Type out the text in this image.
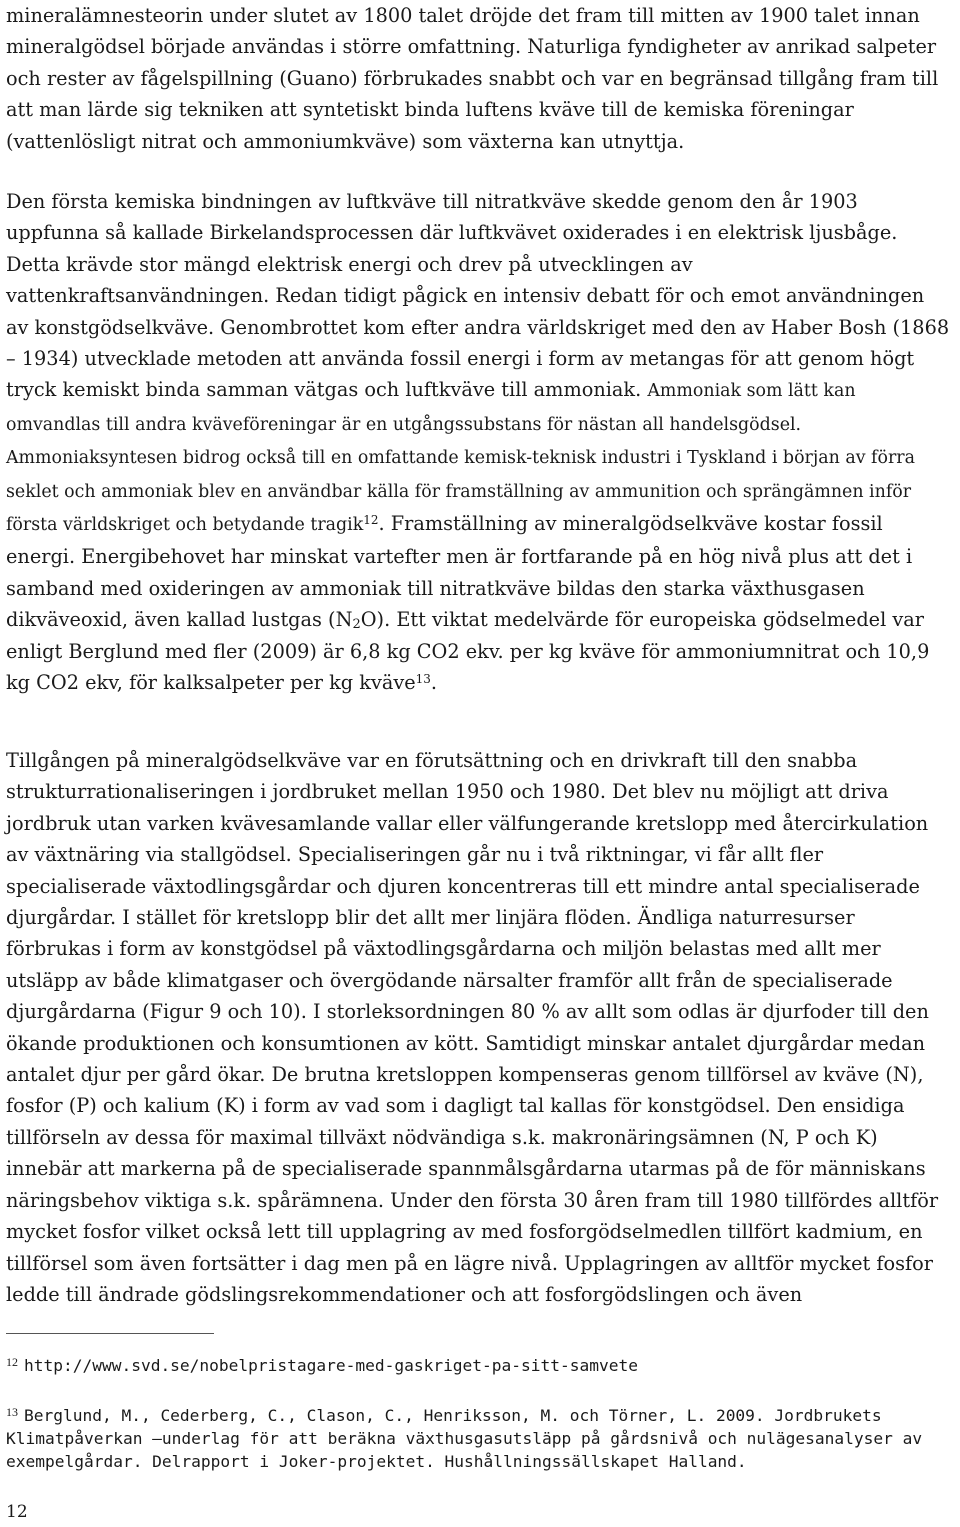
mineralämnesteorin under slutet av 1800 talet dröjde det fram till mitten av 1900 talet innan mineralgödsel började användas i större omfattning. Naturliga fyndigheter av anrikad salpeter och rester av fågelspillning (Guano) förbrukades snabbt och var en begränsad tillgång fram till att man lärde sig tekniken att syntetiskt binda luftens kväve till de kemiska föreningar (vattenlösligt nitrat och ammoniumkväve) som växterna kan utnyttja.

Den första kemiska bindningen av luftkväve till nitratkväve skedde genom den år 1903 uppfunna så kallade Birkelandsprocessen där luftkvävet oxiderades i en elektrisk ljusbåge. Detta krävde stor mängd elektrisk energi och drev på utvecklingen av vattenkraftsanvändningen. Redan tidigt pågick en intensiv debatt för och emot användningen av konstgödselkväve. Genombrottet kom efter andra världskriget med den av Haber Bosh (1868 – 1934) utvecklade metoden att använda fossil energi i form av metangas för att genom högt tryck kemiskt binda samman vätgas och luftkväve till ammoniak. Ammoniak som lätt kan omvandlas till andra kväveföreningar är en utgångssubstans för nästan all handelsgödsel. Ammoniaksyntesen bidrog också till en omfattande kemisk-teknisk industri i Tyskland i början av förra seklet och ammoniak blev en användbar källa för framställning av ammunition och sprängämnen inför första världskriget och betydande tragik$^{12}$. Framställning av mineralgödselkväve kostar fossil energi. Energibehovet har minskat vartefter men är fortfarande på en hög nivå plus att det i samband med oxideringen av ammoniak till nitratkväve bildas den starka växthusgasen dikväveoxid, även kallad lustgas $(N_2O)$. Ett viktat medelvärde för europeiska gödselmedel var enligt Berglund med fler (2009) är 6,8 kg CO2 ekv. per kg kväve för ammoniumnitrat och 10,9 kg CO2 ekv, för kalksalpeter per kg kväve$^{13}$.

Tillgången på mineralgödselkväve var en förutsättning och en drivkraft till den snabba strukturrationaliseringen i jordbruket mellan 1950 och 1980. Det blev nu möjligt att driva jordbruk utan varken kvävesamlande vallar eller välfungerande kretslopp med återcirkulation av växtnäring via stallgödsel. Specialiseringen går nu i två riktningar, vi får allt fler specialiserade växtodlingsgårdar och djuren koncentreras till ett mindre antal specialiserade djurgårdar. I stället för kretslopp blir det allt mer linjära flöden. Ändliga naturresurser förbrukas i form av konstgödsel på växtodlingsgårdarna och miljön belastas med allt mer utsläpp av både klimatgaser och övergödande närsalter framför allt från de specialiserade djurgårdarna (Figur 9 och 10). I storleksordningen 80 % av allt som odlas är djurfoder till den ökande produktionen och konsumtionen av kött. Samtidigt minskar antalet djurgårdar medan antalet djur per gård ökar. De brutna kretsloppen kompenseras genom tillförsel av kväve (N), fosfor (P) och kalium (K) i form av vad som i dagligt tal kallas för konstgödsel. Den ensidiga tillförseln av dessa för maximal tillväxt nödvändiga s.k. makronäringsämnen (N, P och K) innebär att markerna på de specialiserade spannmålsgårdarna utarmas på de för människans näringsbehov viktiga s.k. spårämnena. Under den första 30 åren fram till 1980 tillfördes alltför mycket fosfor vilket också lett till upplagring av med fosforgödselmedlen tillfört kadmium, en tillförsel som även fortsätter i dag men på en lägre nivå. Upplagringen av alltför mycket fosfor ledde till ändrade gödslingsrekommendationer och att fosforgödslingen och även

$^{12}$ http://www.svd.se/nobelpristagare-med-gaskriget-pa-sitt-samvete

$^{13}$ Berglund, M., Cederberg, C., Clason, C., Henriksson, M. och Törner, L. 2009. Jordbrukets Klimatpåverkan –underlag för att beräkna växthusgasutsläpp på gårdsnivå och nulägesanalyser av exempelgårdar. Delrapport i Joker-projektet. Hushållningssällskapet Halland.

12
